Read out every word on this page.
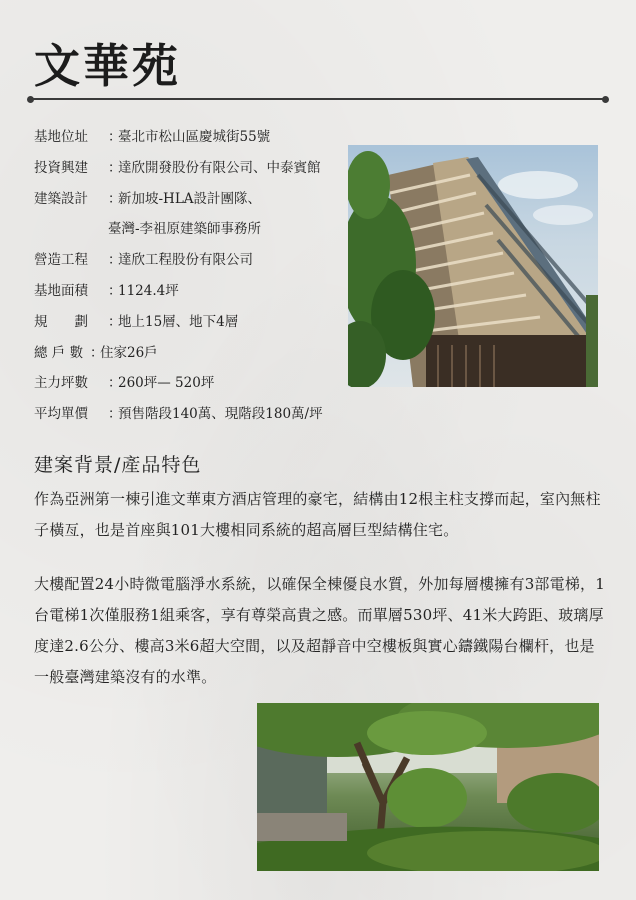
文華苑
基地位址	：
臺北市松山區慶城街55號
投資興建	：
達欣開發股份有限公司、中泰賓館
建築設計	：
新加坡-HLA設計團隊、
臺灣-李祖原建築師事務所
營造工程	：
達欣工程股份有限公司
基地面積	：
1124.4坪
規　　劃	：
地上15層、地下4層
總 戶 數 ：
住家26戶
主力坪數	：
260坪— 520坪
平均單價	：
預售階段140萬、現階段180萬/坪
建案背景/產品特色
作為亞洲第一棟引進文華東方酒店管理的豪宅，結構由12根主柱支撐而起，室內無柱子橫亙，也是首座與101大樓相同系統的超高層巨型結構住宅。
大樓配置24小時微電腦淨水系統，以確保全棟優良水質，外加每層樓擁有3部電梯，1台電梯1次僅服務1組乘客，享有尊榮高貴之感。而單層530坪、41米大跨距、玻璃厚度達2.6公分、樓高3米6超大空間，以及超靜音中空樓板與實心鑄鐵陽台欄杆，也是一般臺灣建築沒有的水準。
